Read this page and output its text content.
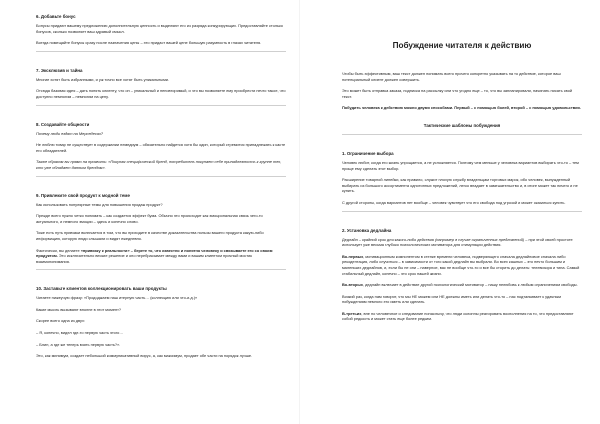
6. Добавьте бонус

Бонусы придают вашему предложению дополнительную ценность и выделяют его из разряда конкурирующих. Предоставляйте столько бонусов, сколько позволяет ваш здравый смысл.

Всегда помещайте бонусы сразу после назначения цены – это придаст вашей цене большую разумность в глазах читателя.

7. Эксклюзив и тайна

Многие хотят быть избранными, и уж точно все хотят быть уникальными.

Отсюда базовая идея – дать понять клиенту, что он – уникальный и неповторимый, и что вы позволяете ему приобрести нечто такое, что доступно немногим – немногим на цену.

8. Создавайте общности

Почему люди ездят на Мерседесах?

Не люблю товар не существует в содержании немедиум – обязательно найдется хотя бы один, который стремится принадлежать к касте его обладателей.

Также образом вы прямо на проявить: «Покупая специфический бренд, потребитель покупает себе принадлежность к группе тех, кто уже обладает данным брендом».

9. Привлеките свой продукт к модной теме

Как использовать популярные темы для повышения продаж продукт?

Прежде всего нужно четко понимать – как создается эффект бума. Обычно это происходит как эмоциональная связь чего-то актуального, и немного эмоции – здесь и конечно слово.

Тоже есть путь привязки включается в том, что вы приходите в качестве доказательства пользы вашего продукта какую-либо информацию, которую люди слышали и видят ежедневно.

Фактически, вы делаете «привязку к реальности» – берете то, что известно и понятно человеку и связываете его со своим продуктом. Это исключительно веские решение и оно перебрасывает между вами и вашим клиентом прочный мостик взаимопонимания.

10. Заставьте клиентов коллекционировать ваши продукты

Читаете нижеучую фразу: «Прододжаем наш итерную часть… (коллекцию или что-и.д.)»

Какие мысль вызывают вполне в этот момент?

Скорее всего одна из двух:

– Я, конечно, видел где-то первую часть этого…

– Блин, а где же теперь взять первую часть?».

Это, как минимум, создает небольшой коммуникативный вирус, а, как максимум, продает обе части на порядок лучше.

Побуждение читателя к действию

Чтобы быть эффективным, ваш текст должен понимать всего прочего конкретно указывать на то действие, которое ваш потенциальный клиент должен совершить.

Это может быть отправка заказа, подписка на рассылку или что угодно еще – то, что вы запланировали, начинать писать свой текст.

Побудить человека к действию можно двумя способами. Первый – с помощью болей, второй – с помощью удовольствия.

Тактические шаблоны побуждения

1. Ограничение выбора

Человек любит, когда его жизнь упрощается, а не усложняется. Поэтому чем меньше у человека вариантов выбирать что-то – тем проще ему сделать этот выбор.

Расширение товарной линейки, как правило, служит плохую службу владельцам торговых марок, ибо человек, вынужденный выбирать из большого ассортимента однотипных предложений, легко впадает в замешательство и, в итоге может так ничего и не купить.

С другой стороны, когда вариантов нет вообще – человек чувствует что его свобода под угрозой и может оказаться купить.

2. Установка дедлайна

Дедлайн – крайний срок для какого-либо действия (например в случае ограниченных предложений) – при этой своей простоте использует уже весьма глубоко психологических мотиватора для стимуляции действия.

Во-первых, мотивационным компонентом в стенке времени человека, подверяющего сначала дедлайновое сначала либо рекодентация, либо случиться – в зависимости от того какой дедлайн вы выбрали. Во всех кашных – это нечто большим и маленьких дедлайнов, и, если бы не они – наверное, вас не вообще что-то и все бы сторить до делать: телевизора и типа. Самый стабильный дедлайн, конечно – это срок нашей жизни.

Во-вторых, дедлайн включает в действие другой психологический мотиватор – нашу нелюбовь к любым ограничениям свободы.

Всякий раз, когда нам говорят, что мы НЕ можем или НЕ должны иметь или делать что-то – нас подталкивает к удачным побуждениям немного это иметь или сделать.

В-третьих, вне но человечное и следование понаслычу, что люди склонны реагировать восполнения на то, что предоставляют собой редкость и может стать еще более редким.
